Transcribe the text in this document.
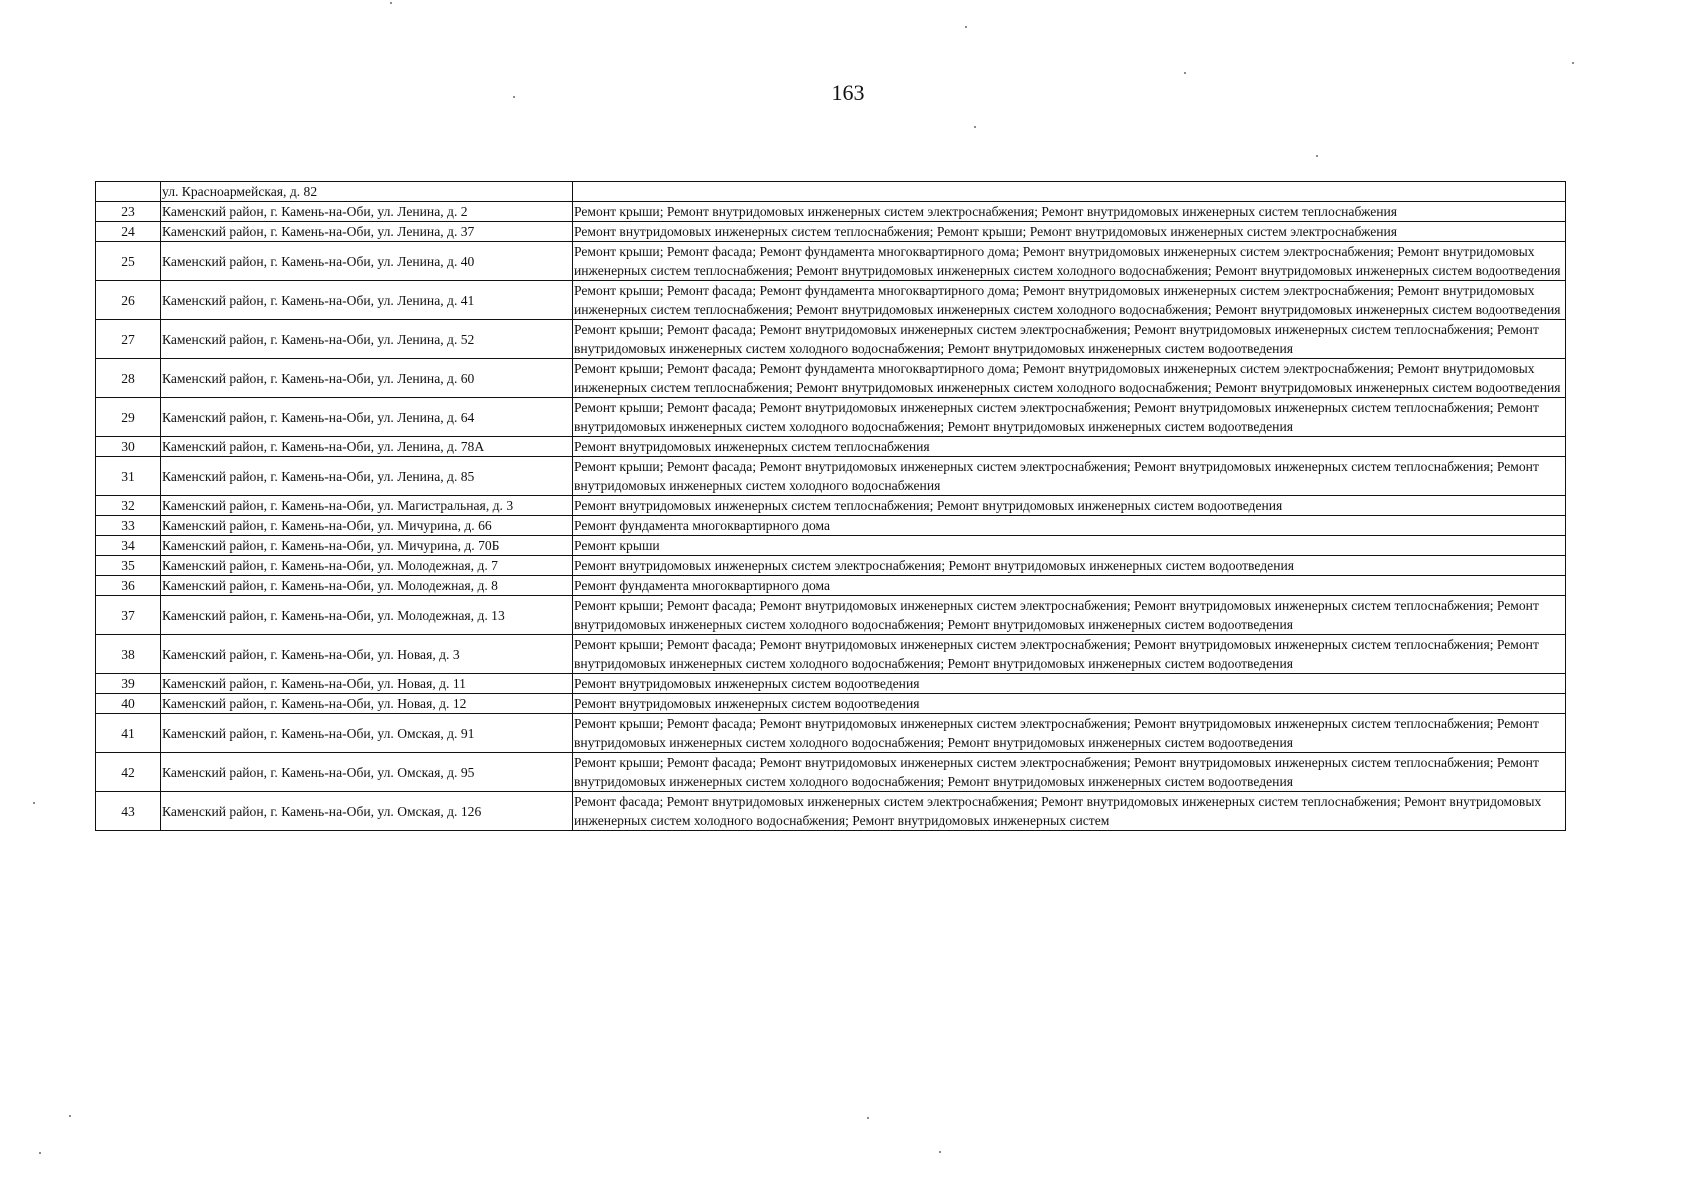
163
	ул. Красноармейская, д. 82	
23	Каменский район, г. Камень-на-Оби, ул. Ленина, д. 2	Ремонт крыши; Ремонт внутридомовых инженерных систем электроснабжения; Ремонт внутридомовых инженерных систем теплоснабжения
24	Каменский район, г. Камень-на-Оби, ул. Ленина, д. 37	Ремонт внутридомовых инженерных систем теплоснабжения; Ремонт крыши; Ремонт внутридомовых инженерных систем электроснабжения
25	Каменский район, г. Камень-на-Оби, ул. Ленина, д. 40	Ремонт крыши; Ремонт фасада; Ремонт фундамента многоквартирного дома; Ремонт внутридомовых инженерных систем электроснабжения; Ремонт внутридомовых инженерных систем теплоснабжения; Ремонт внутридомовых инженерных систем холодного водоснабжения; Ремонт внутридомовых инженерных систем водоотведения
26	Каменский район, г. Камень-на-Оби, ул. Ленина, д. 41	Ремонт крыши; Ремонт фасада; Ремонт фундамента многоквартирного дома; Ремонт внутридомовых инженерных систем электроснабжения; Ремонт внутридомовых инженерных систем теплоснабжения; Ремонт внутридомовых инженерных систем холодного водоснабжения; Ремонт внутридомовых инженерных систем водоотведения
27	Каменский район, г. Камень-на-Оби, ул. Ленина, д. 52	Ремонт крыши; Ремонт фасада; Ремонт внутридомовых инженерных систем электроснабжения; Ремонт внутридомовых инженерных систем теплоснабжения; Ремонт внутридомовых инженерных систем холодного водоснабжения; Ремонт внутридомовых инженерных систем водоотведения
28	Каменский район, г. Камень-на-Оби, ул. Ленина, д. 60	Ремонт крыши; Ремонт фасада; Ремонт фундамента многоквартирного дома; Ремонт внутридомовых инженерных систем электроснабжения; Ремонт внутридомовых инженерных систем теплоснабжения; Ремонт внутридомовых инженерных систем холодного водоснабжения; Ремонт внутридомовых инженерных систем водоотведения
29	Каменский район, г. Камень-на-Оби, ул. Ленина, д. 64	Ремонт крыши; Ремонт фасада; Ремонт внутридомовых инженерных систем электроснабжения; Ремонт внутридомовых инженерных систем теплоснабжения; Ремонт внутридомовых инженерных систем холодного водоснабжения; Ремонт внутридомовых инженерных систем водоотведения
30	Каменский район, г. Камень-на-Оби, ул. Ленина, д. 78А	Ремонт внутридомовых инженерных систем теплоснабжения
31	Каменский район, г. Камень-на-Оби, ул. Ленина, д. 85	Ремонт крыши; Ремонт фасада; Ремонт внутридомовых инженерных систем электроснабжения; Ремонт внутридомовых инженерных систем теплоснабжения; Ремонт внутридомовых инженерных систем холодного водоснабжения
32	Каменский район, г. Камень-на-Оби, ул. Магистральная, д. 3	Ремонт внутридомовых инженерных систем теплоснабжения; Ремонт внутридомовых инженерных систем водоотведения
33	Каменский район, г. Камень-на-Оби, ул. Мичурина, д. 66	Ремонт фундамента многоквартирного дома
34	Каменский район, г. Камень-на-Оби, ул. Мичурина, д. 70Б	Ремонт крыши
35	Каменский район, г. Камень-на-Оби, ул. Молодежная, д. 7	Ремонт внутридомовых инженерных систем электроснабжения; Ремонт внутридомовых инженерных систем водоотведения
36	Каменский район, г. Камень-на-Оби, ул. Молодежная, д. 8	Ремонт фундамента многоквартирного дома
37	Каменский район, г. Камень-на-Оби, ул. Молодежная, д. 13	Ремонт крыши; Ремонт фасада; Ремонт внутридомовых инженерных систем электроснабжения; Ремонт внутридомовых инженерных систем теплоснабжения; Ремонт внутридомовых инженерных систем холодного водоснабжения; Ремонт внутридомовых инженерных систем водоотведения
38	Каменский район, г. Камень-на-Оби, ул. Новая, д. 3	Ремонт крыши; Ремонт фасада; Ремонт внутридомовых инженерных систем электроснабжения; Ремонт внутридомовых инженерных систем теплоснабжения; Ремонт внутридомовых инженерных систем холодного водоснабжения; Ремонт внутридомовых инженерных систем водоотведения
39	Каменский район, г. Камень-на-Оби, ул. Новая, д. 11	Ремонт внутридомовых инженерных систем водоотведения
40	Каменский район, г. Камень-на-Оби, ул. Новая, д. 12	Ремонт внутридомовых инженерных систем водоотведения
41	Каменский район, г. Камень-на-Оби, ул. Омская, д. 91	Ремонт крыши; Ремонт фасада; Ремонт внутридомовых инженерных систем электроснабжения; Ремонт внутридомовых инженерных систем теплоснабжения; Ремонт внутридомовых инженерных систем холодного водоснабжения; Ремонт внутридомовых инженерных систем водоотведения
42	Каменский район, г. Камень-на-Оби, ул. Омская, д. 95	Ремонт крыши; Ремонт фасада; Ремонт внутридомовых инженерных систем электроснабжения; Ремонт внутридомовых инженерных систем теплоснабжения; Ремонт внутридомовых инженерных систем холодного водоснабжения; Ремонт внутридомовых инженерных систем водоотведения
43	Каменский район, г. Камень-на-Оби, ул. Омская, д. 126	Ремонт фасада; Ремонт внутридомовых инженерных систем электроснабжения; Ремонт внутридомовых инженерных систем теплоснабжения; Ремонт внутридомовых инженерных систем холодного водоснабжения; Ремонт внутридомовых инженерных систем
